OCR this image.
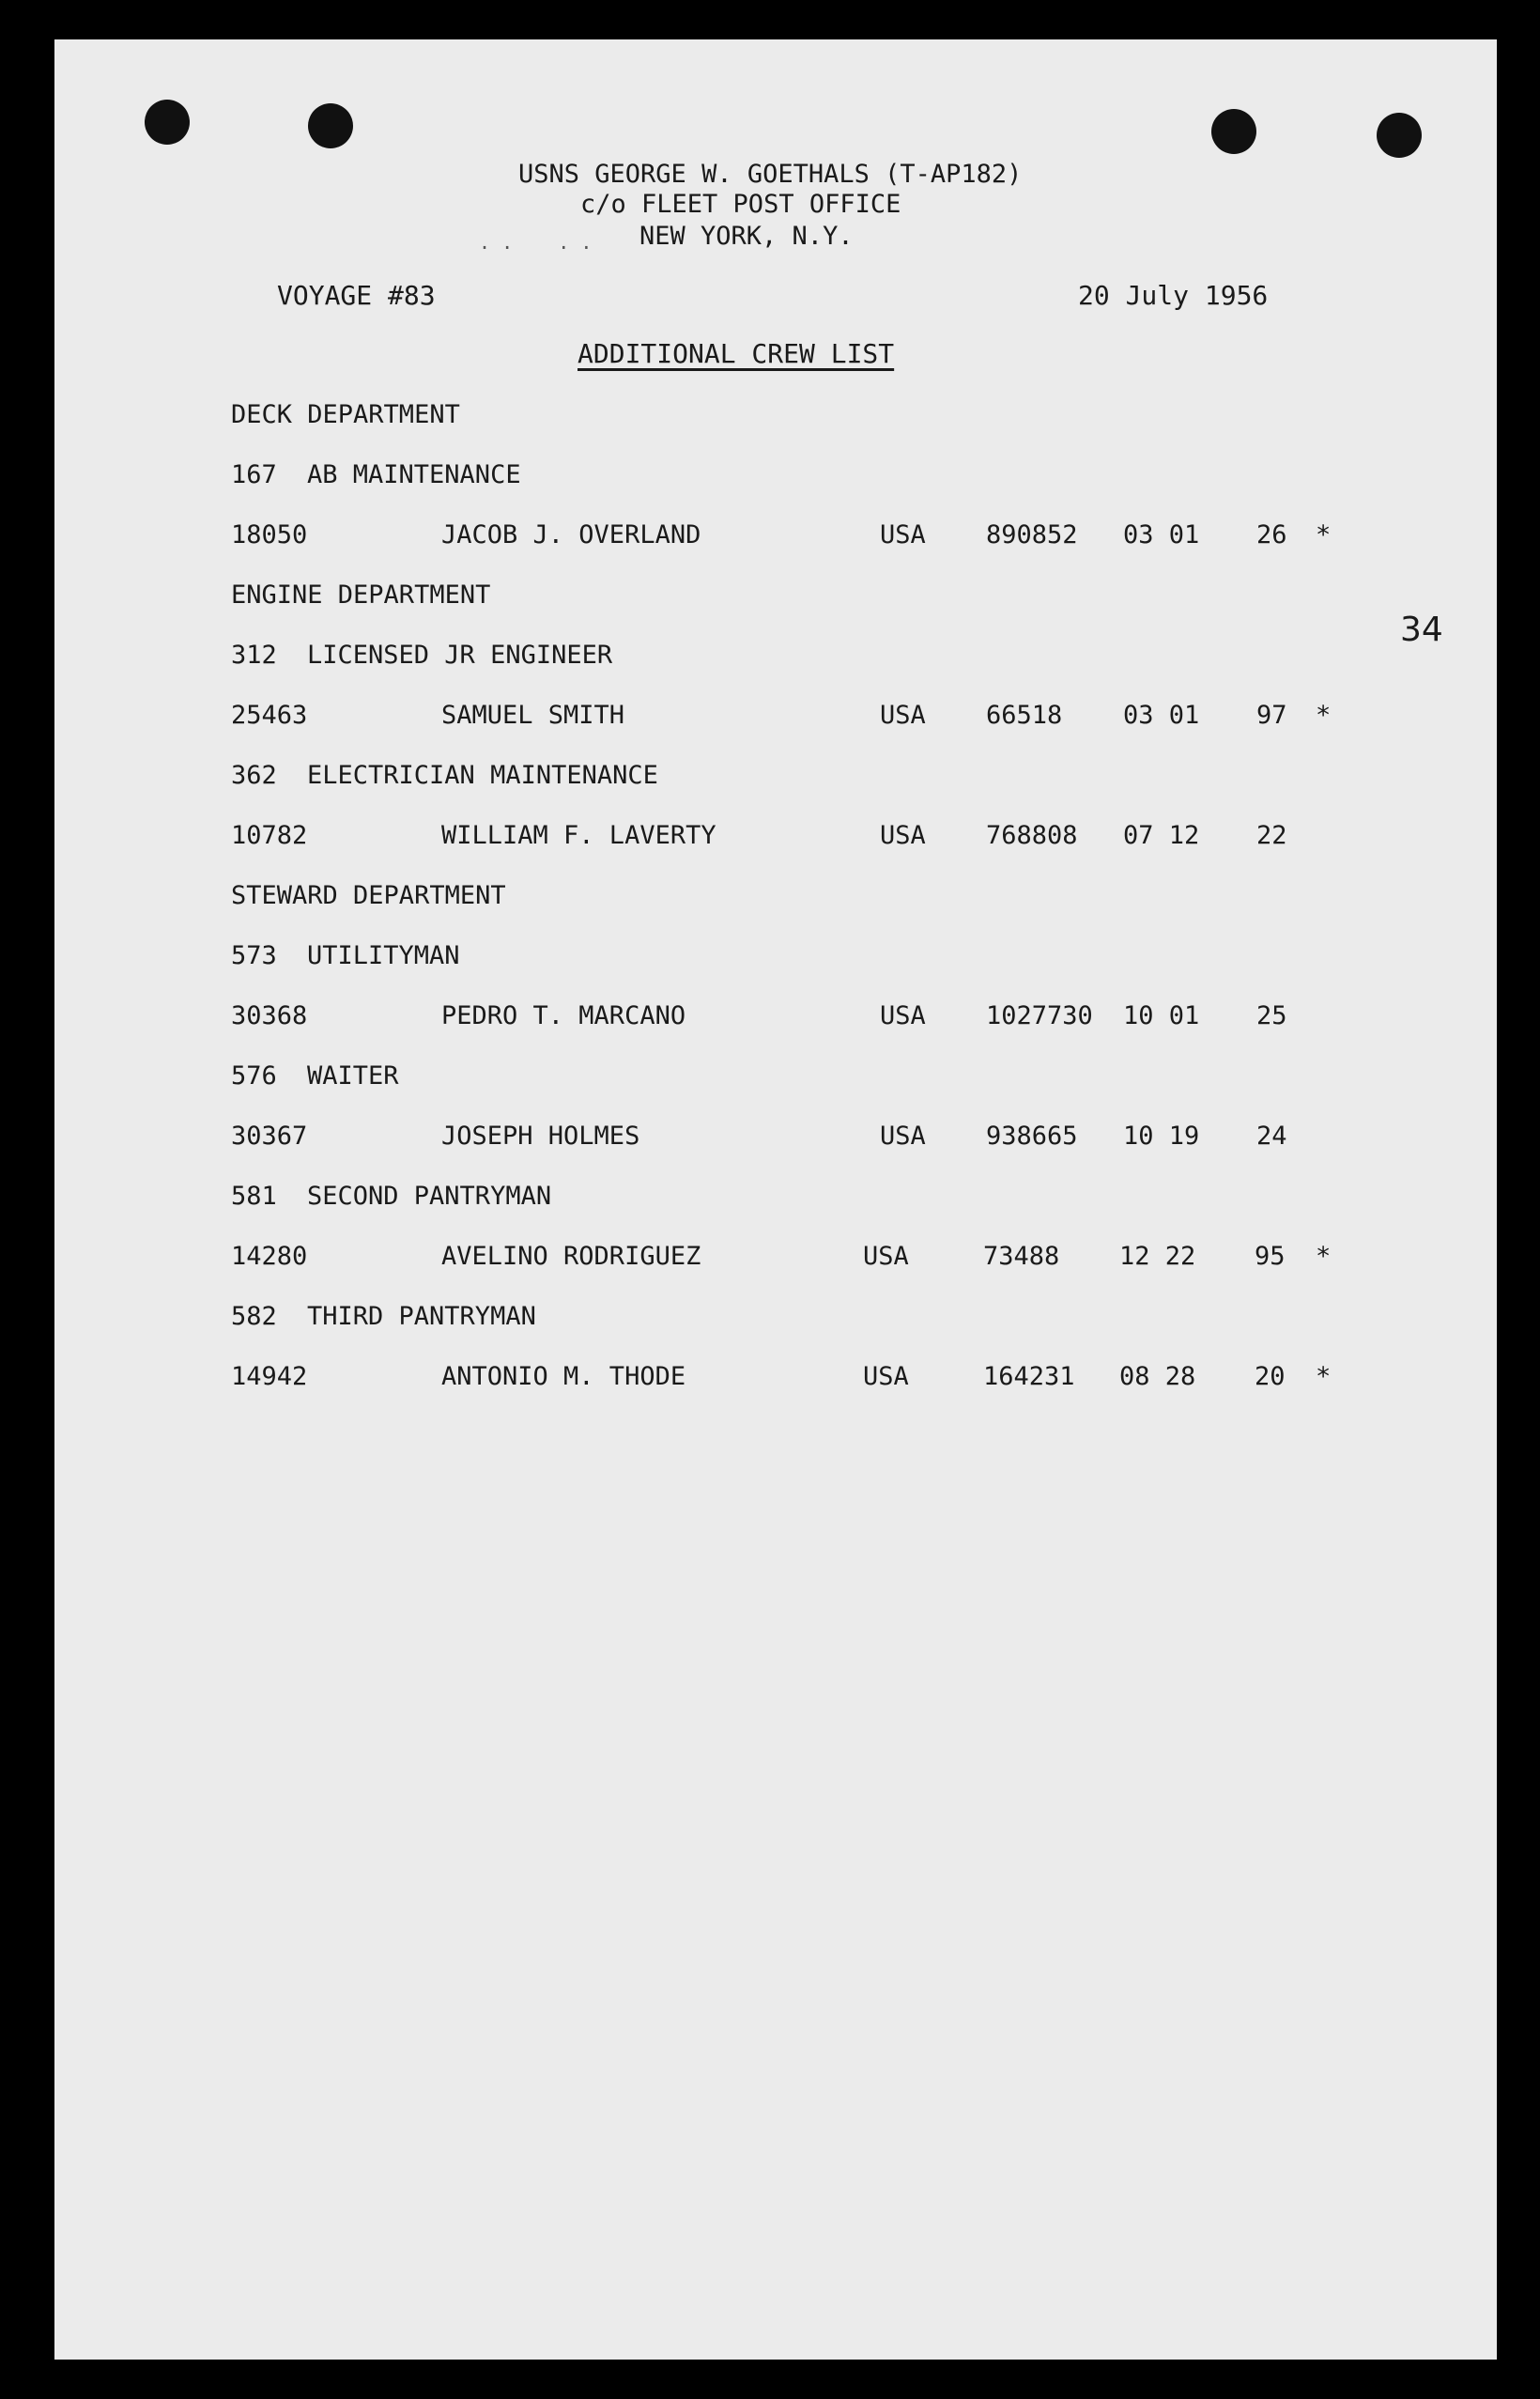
USNS GEORGE W. GOETHALS (T-AP182)
c/o FLEET POST OFFICE
NEW YORK, N.Y.
. .    . .
VOYAGE #83	20 July 1956
ADDITIONAL CREW LIST
34
DECK DEPARTMENT
167 AB MAINTENANCE
18050	JACOB J. OVERLAND	USA 890852 03 01 26 *
ENGINE DEPARTMENT
312 LICENSED JR ENGINEER
25463	SAMUEL SMITH	USA 66518 03 01 97 *
362 ELECTRICIAN MAINTENANCE
10782	WILLIAM F. LAVERTY	USA 768808 07 12 22
STEWARD DEPARTMENT
573 UTILITYMAN
30368	PEDRO T. MARCANO	USA 1027730 10 01 25
576 WAITER
30367	JOSEPH HOLMES	USA 938665 10 19 24
581 SECOND PANTRYMAN
14280	AVELINO RODRIGUEZ	USA	73488 12 22 95 *
582 THIRD PANTRYMAN
14942	ANTONIO M. THODE	USA	164231 08 28 20 *
